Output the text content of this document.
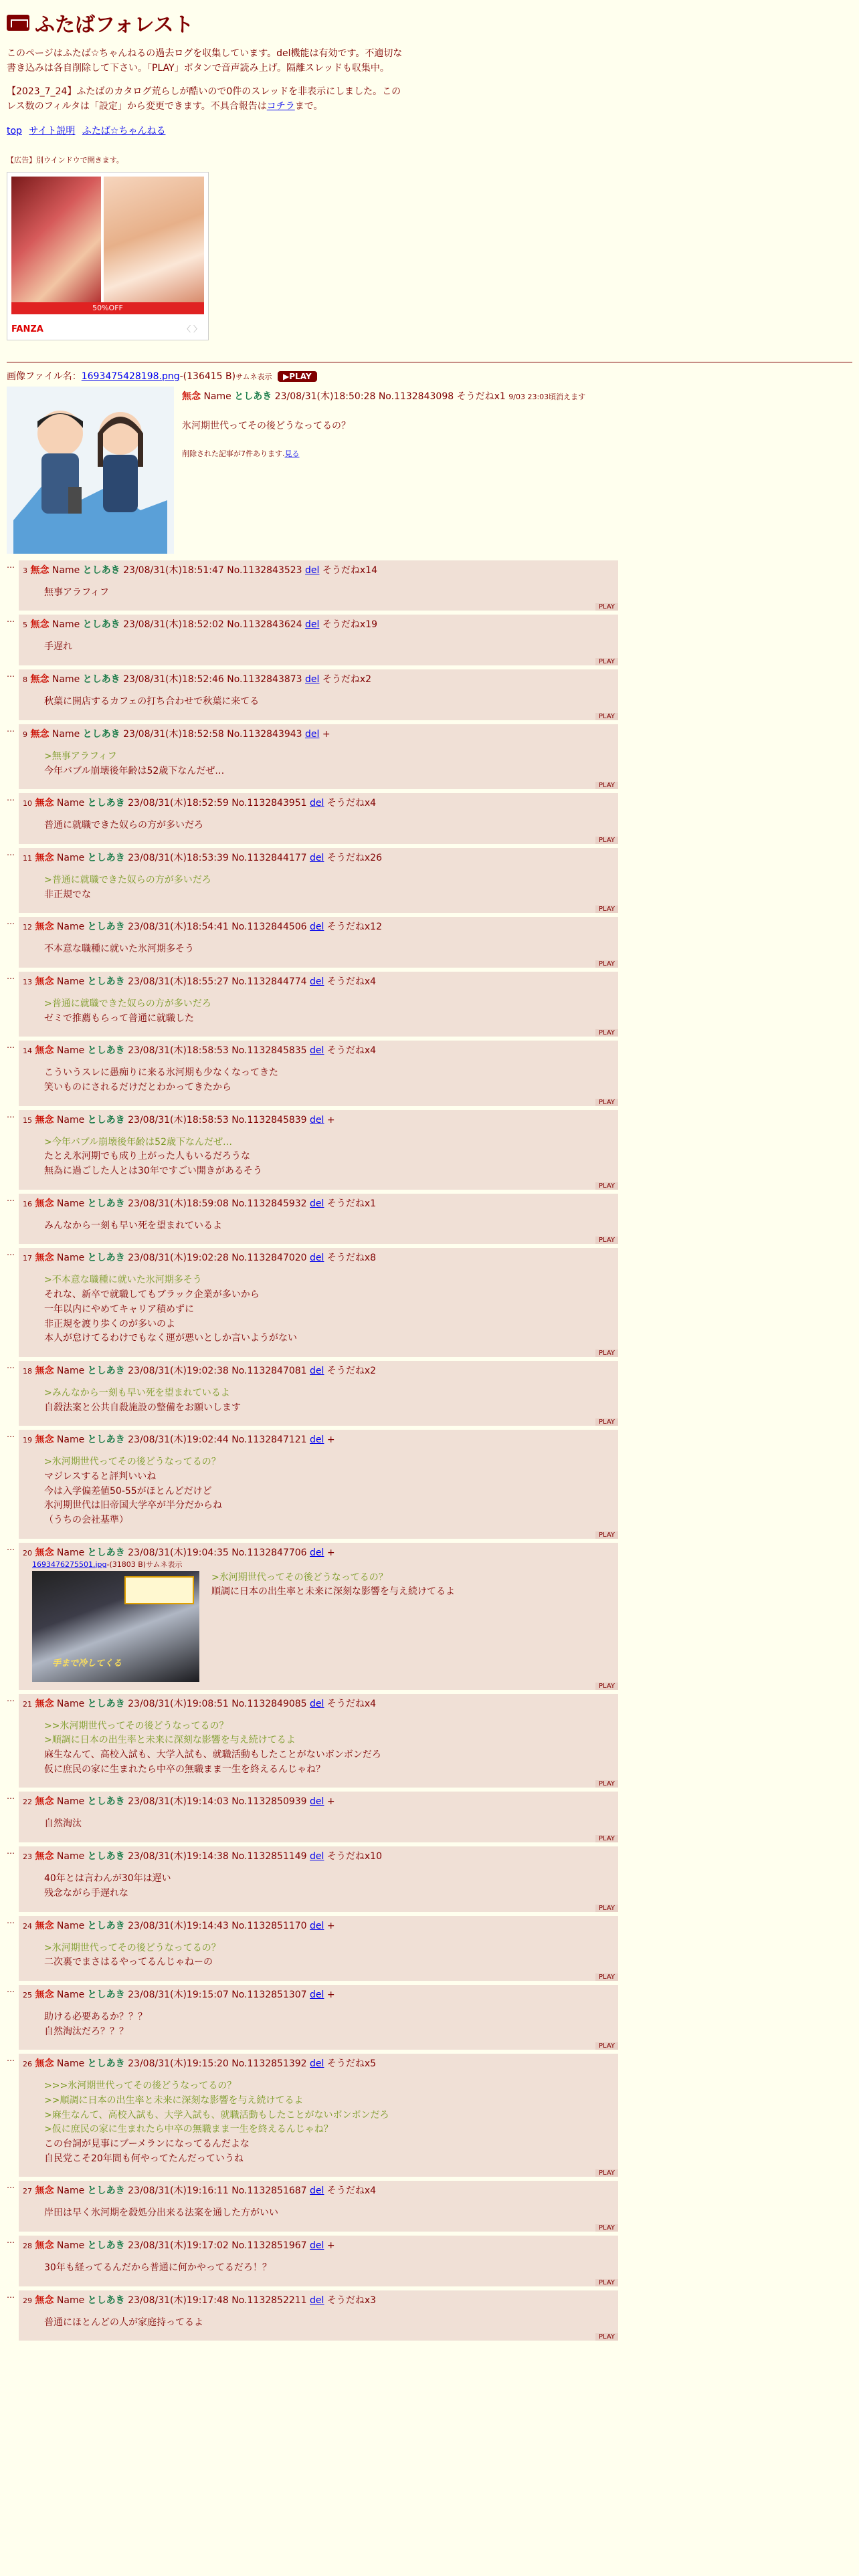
ふたばフォレスト

このページはふたば☆ちゃんねるの過去ログを収集しています。del機能は有効です。不適切な書き込みは各自削除して下さい。「PLAY」ボタンで音声読み上げ。隔離スレッドも収集中。

【2023_7_24】ふたばのカタログ荒らしが酷いので0件のスレッドを非表示にしました。このレス数のフィルタは「設定」から変更できます。不具合報告はコチラまで。

top サイト説明 ふたば☆ちゃんねる
【広告】別ウインドウで開きます。
50%OFF
FANZA	〈 〉
画像ファイル名：1693475428198.png-(136415 B)サムネ表示 ▶PLAY
無念 Name としあき 23/08/31(木)18:50:28 No.1132843098 そうだねx1 9/03 23:03頃消えます
氷河期世代ってその後どうなってるの？
削除された記事が7件あります.見る
…
3 無念 Name としあき 23/08/31(木)18:51:47 No.1132843523 del そうだねx14
無事アラフィフ
PLAY
…
5 無念 Name としあき 23/08/31(木)18:52:02 No.1132843624 del そうだねx19
手遅れ
PLAY
…
8 無念 Name としあき 23/08/31(木)18:52:46 No.1132843873 del そうだねx2
秋葉に開店するカフェの打ち合わせで秋葉に来てる
PLAY
…
9 無念 Name としあき 23/08/31(木)18:52:58 No.1132843943 del +
>無事アラフィフ
今年バブル崩壊後年齢は52歳下なんだぜ…
PLAY
…
10 無念 Name としあき 23/08/31(木)18:52:59 No.1132843951 del そうだねx4
普通に就職できた奴らの方が多いだろ
PLAY
…
11 無念 Name としあき 23/08/31(木)18:53:39 No.1132844177 del そうだねx26
>普通に就職できた奴らの方が多いだろ
非正規でな
PLAY
…
12 無念 Name としあき 23/08/31(木)18:54:41 No.1132844506 del そうだねx12
不本意な職種に就いた氷河期多そう
PLAY
…
13 無念 Name としあき 23/08/31(木)18:55:27 No.1132844774 del そうだねx4
>普通に就職できた奴らの方が多いだろ
ゼミで推薦もらって普通に就職した
PLAY
…
14 無念 Name としあき 23/08/31(木)18:58:53 No.1132845835 del そうだねx4
こういうスレに愚痴りに来る氷河期も少なくなってきた
笑いものにされるだけだとわかってきたから
PLAY
…
15 無念 Name としあき 23/08/31(木)18:58:53 No.1132845839 del +
>今年バブル崩壊後年齢は52歳下なんだぜ…
たとえ氷河期でも成り上がった人もいるだろうな
無為に過ごした人とは30年ですごい開きがあるそう
PLAY
…
16 無念 Name としあき 23/08/31(木)18:59:08 No.1132845932 del そうだねx1
みんなから一刻も早い死を望まれているよ
PLAY
…
17 無念 Name としあき 23/08/31(木)19:02:28 No.1132847020 del そうだねx8
>不本意な職種に就いた氷河期多そう
それな、新卒で就職してもブラック企業が多いから
一年以内にやめてキャリア積めずに
非正規を渡り歩くのが多いのよ
本人が怠けてるわけでもなく運が悪いとしか言いようがない
PLAY
…
18 無念 Name としあき 23/08/31(木)19:02:38 No.1132847081 del そうだねx2
>みんなから一刻も早い死を望まれているよ
自殺法案と公共自殺施設の整備をお願いします
PLAY
…
19 無念 Name としあき 23/08/31(木)19:02:44 No.1132847121 del +
>氷河期世代ってその後どうなってるの？
マジレスすると評判いいね
今は入学偏差値50-55がほとんどだけど
氷河期世代は旧帝国大学卒が半分だからね
（うちの会社基準）
PLAY
…
20 無念 Name としあき 23/08/31(木)19:04:35 No.1132847706 del +
1693476275501.jpg-(31803 B)サムネ表示
手まで冷してくる
>氷河期世代ってその後どうなってるの？
順調に日本の出生率と未来に深刻な影響を与え続けてるよ
PLAY
…
21 無念 Name としあき 23/08/31(木)19:08:51 No.1132849085 del そうだねx4
>>氷河期世代ってその後どうなってるの？
>順調に日本の出生率と未来に深刻な影響を与え続けてるよ
麻生なんて、高校入試も、大学入試も、就職活動もしたことがないボンボンだろ
仮に庶民の家に生まれたら中卒の無職まま一生を終えるんじゃね？
PLAY
…
22 無念 Name としあき 23/08/31(木)19:14:03 No.1132850939 del +
自然淘汰
PLAY
…
23 無念 Name としあき 23/08/31(木)19:14:38 No.1132851149 del そうだねx10
40年とは言わんが30年は遅い
残念ながら手遅れな
PLAY
…
24 無念 Name としあき 23/08/31(木)19:14:43 No.1132851170 del +
>氷河期世代ってその後どうなってるの？
二次裏でまさはるやってるんじゃねーの
PLAY
…
25 無念 Name としあき 23/08/31(木)19:15:07 No.1132851307 del +
助ける必要あるか？？？
自然淘汰だろ？？？
PLAY
…
26 無念 Name としあき 23/08/31(木)19:15:20 No.1132851392 del そうだねx5
>>>氷河期世代ってその後どうなってるの？
>>順調に日本の出生率と未来に深刻な影響を与え続けてるよ
>麻生なんて、高校入試も、大学入試も、就職活動もしたことがないボンボンだろ
>仮に庶民の家に生まれたら中卒の無職まま一生を終えるんじゃね？
この台詞が見事にブーメランになってるんだよな
自民党こそ20年間も何やってたんだっていうね
PLAY
…
27 無念 Name としあき 23/08/31(木)19:16:11 No.1132851687 del そうだねx4
岸田は早く氷河期を殺処分出来る法案を通した方がいい
PLAY
…
28 無念 Name としあき 23/08/31(木)19:17:02 No.1132851967 del +
30年も経ってるんだから普通に何かやってるだろ！？
PLAY
…
29 無念 Name としあき 23/08/31(木)19:17:48 No.1132852211 del そうだねx3
普通にほとんどの人が家庭持ってるよ
PLAY
